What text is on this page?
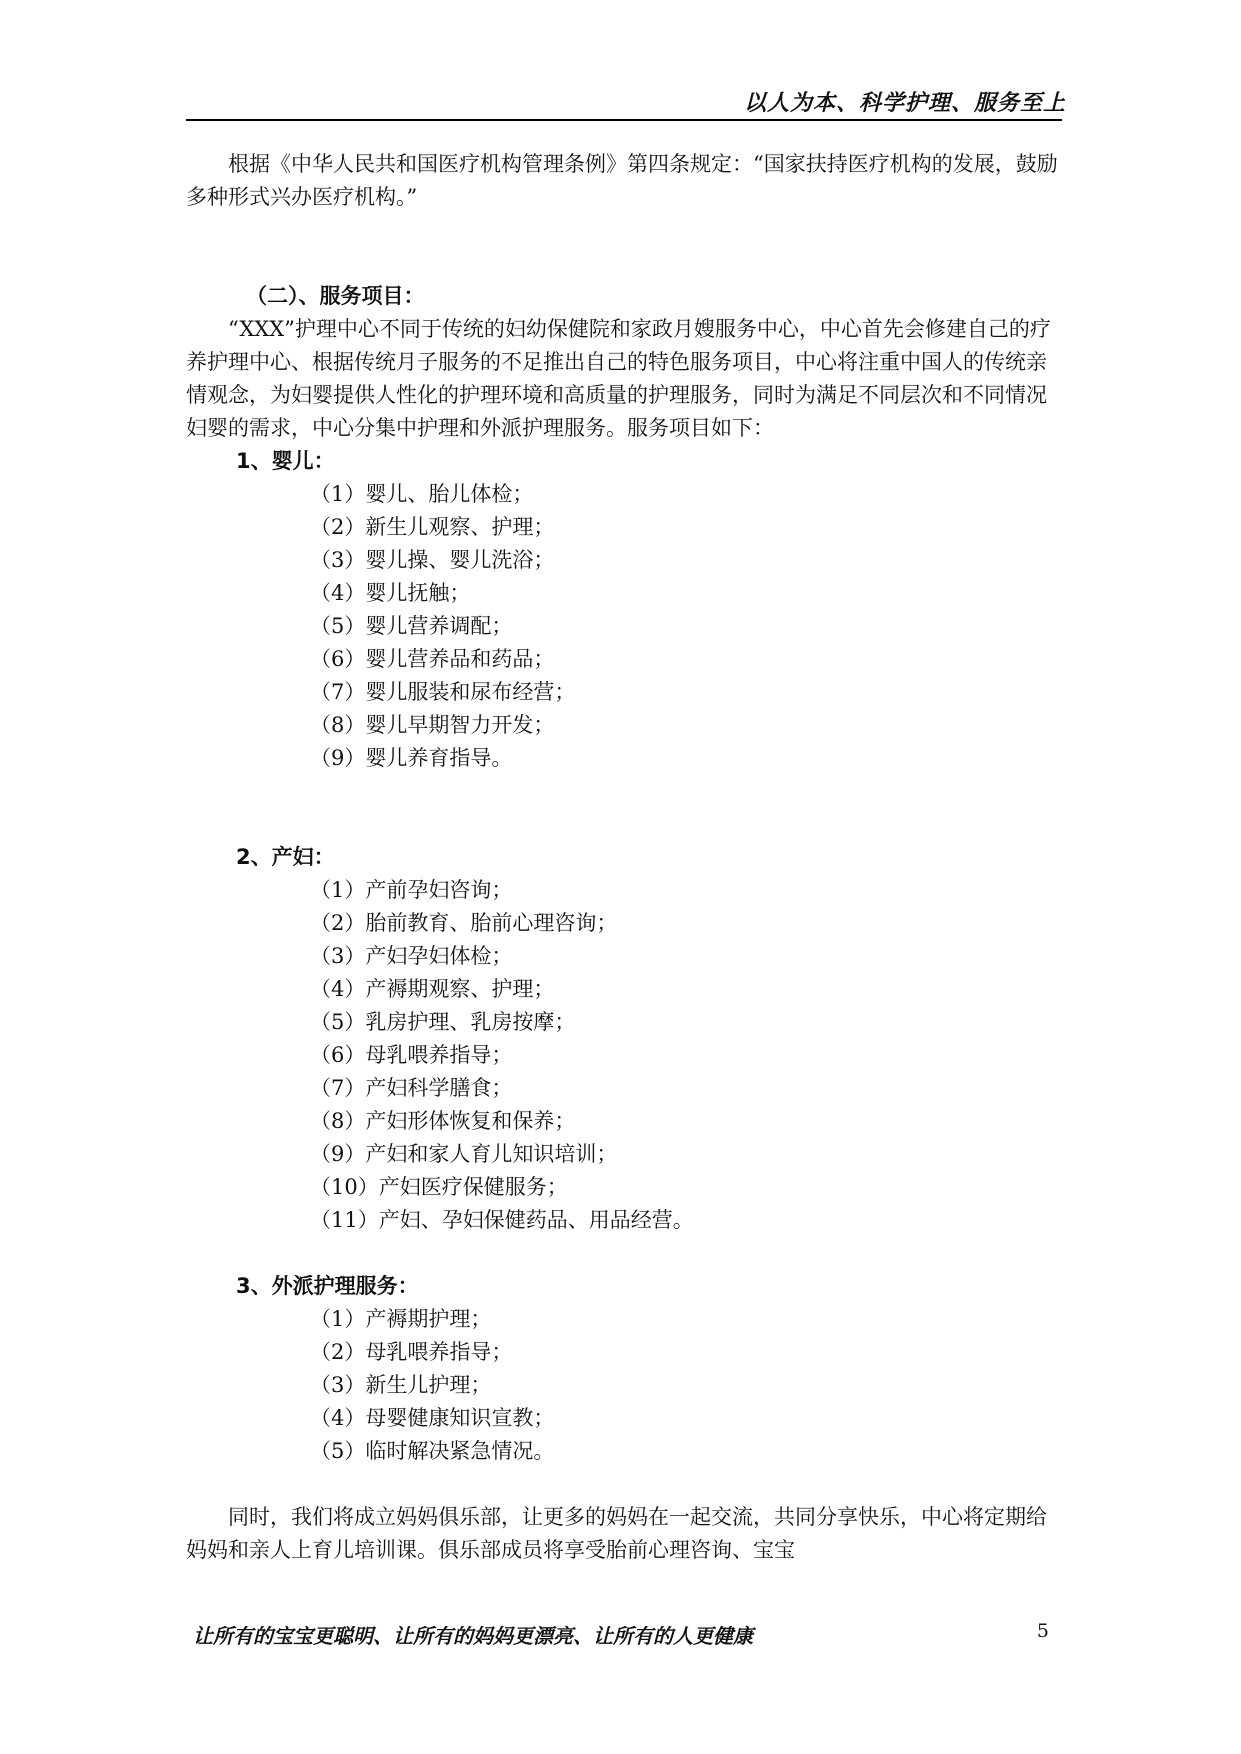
以人为本、科学护理、服务至上

根据《中华人民共和国医疗机构管理条例》第四条规定：“国家扶持医疗机构的发展，鼓励多种形式兴办医疗机构。”

（二）、服务项目：

“XXX”护理中心不同于传统的妇幼保健院和家政月嫂服务中心，中心首先会修建自己的疗养护理中心、根据传统月子服务的不足推出自己的特色服务项目，中心将注重中国人的传统亲情观念，为妇婴提供人性化的护理环境和高质量的护理服务，同时为满足不同层次和不同情况妇婴的需求，中心分集中护理和外派护理服务。服务项目如下：

1、婴儿：

（1）婴儿、胎儿体检；
（2）新生儿观察、护理；
（3）婴儿操、婴儿洗浴；
（4）婴儿抚触；
（5）婴儿营养调配；
（6）婴儿营养品和药品；
（7）婴儿服装和尿布经营；
（8）婴儿早期智力开发；
（9）婴儿养育指导。

2、产妇：

（1）产前孕妇咨询；
（2）胎前教育、胎前心理咨询；
（3）产妇孕妇体检；
（4）产褥期观察、护理；
（5）乳房护理、乳房按摩；
（6）母乳喂养指导；
（7）产妇科学膳食；
（8）产妇形体恢复和保养；
（9）产妇和家人育儿知识培训；
（10）产妇医疗保健服务；
（11）产妇、孕妇保健药品、用品经营。

3、外派护理服务：

（1）产褥期护理；
（2）母乳喂养指导；
（3）新生儿护理；
（4）母婴健康知识宣教；
（5）临时解决紧急情况。

同时，我们将成立妈妈俱乐部，让更多的妈妈在一起交流，共同分享快乐，中心将定期给妈妈和亲人上育儿培训课。俱乐部成员将享受胎前心理咨询、宝宝

让所有的宝宝更聪明、让所有的妈妈更漂亮、让所有的人更健康	5
